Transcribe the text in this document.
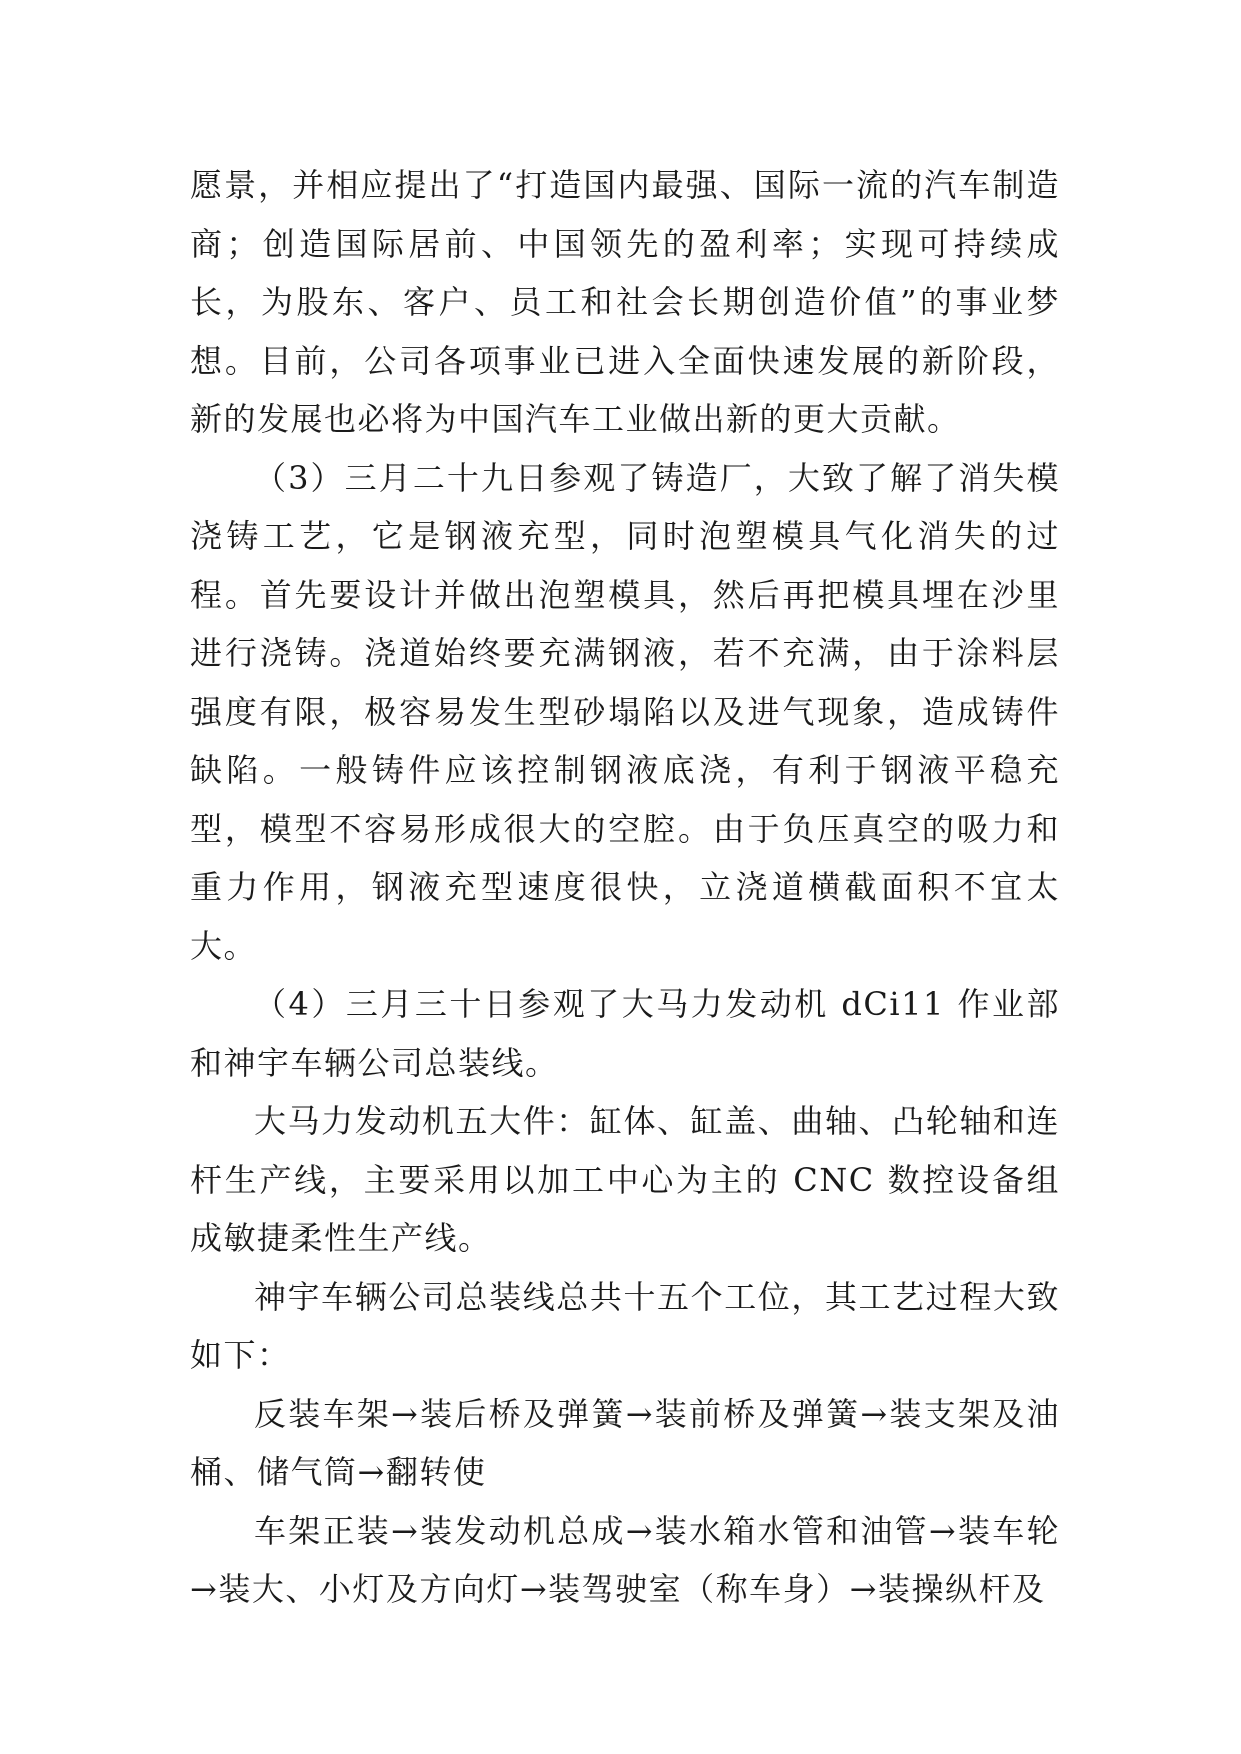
愿景，并相应提出了“打造国内最强、国际一流的汽车制造商；创造国际居前、中国领先的盈利率；实现可持续成长，为股东、客户、员工和社会长期创造价值”的事业梦想。目前，公司各项事业已进入全面快速发展的新阶段，新的发展也必将为中国汽车工业做出新的更大贡献。

（3）三月二十九日参观了铸造厂，大致了解了消失模浇铸工艺，它是钢液充型，同时泡塑模具气化消失的过程。首先要设计并做出泡塑模具，然后再把模具埋在沙里进行浇铸。浇道始终要充满钢液，若不充满，由于涂料层强度有限，极容易发生型砂塌陷以及进气现象，造成铸件缺陷。一般铸件应该控制钢液底浇，有利于钢液平稳充型，模型不容易形成很大的空腔。由于负压真空的吸力和重力作用，钢液充型速度很快，立浇道横截面积不宜太大。

（4）三月三十日参观了大马力发动机 dCi11 作业部和神宇车辆公司总装线。

大马力发动机五大件：缸体、缸盖、曲轴、凸轮轴和连杆生产线，主要采用以加工中心为主的 CNC 数控设备组成敏捷柔性生产线。

神宇车辆公司总装线总共十五个工位，其工艺过程大致如下：

反装车架→装后桥及弹簧→装前桥及弹簧→装支架及油桶、储气筒→翻转使

车架正装→装发动机总成→装水箱水管和油管→装车轮→装大、小灯及方向灯→装驾驶室（称车身）→装操纵杆及
